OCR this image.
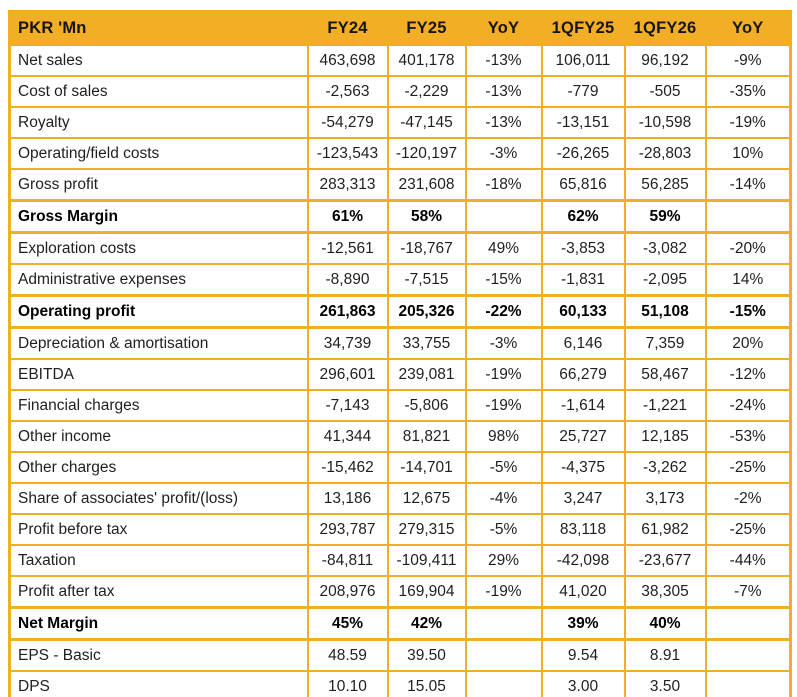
PKR 'Mn	FY24	FY25	YoY	1QFY25	1QFY26	YoY
Net sales	463,698	401,178	-13%	106,011	96,192	-9%
Cost of sales	-2,563	-2,229	-13%	-779	-505	-35%
Royalty	-54,279	-47,145	-13%	-13,151	-10,598	-19%
Operating/field costs	-123,543	-120,197	-3%	-26,265	-28,803	10%
Gross profit	283,313	231,608	-18%	65,816	56,285	-14%
Gross Margin	61%	58%		62%	59%	
Exploration costs	-12,561	-18,767	49%	-3,853	-3,082	-20%
Administrative expenses	-8,890	-7,515	-15%	-1,831	-2,095	14%
Operating profit	261,863	205,326	-22%	60,133	51,108	-15%
Depreciation & amortisation	34,739	33,755	-3%	6,146	7,359	20%
EBITDA	296,601	239,081	-19%	66,279	58,467	-12%
Financial charges	-7,143	-5,806	-19%	-1,614	-1,221	-24%
Other income	41,344	81,821	98%	25,727	12,185	-53%
Other charges	-15,462	-14,701	-5%	-4,375	-3,262	-25%
Share of associates' profit/(loss)	13,186	12,675	-4%	3,247	3,173	-2%
Profit before tax	293,787	279,315	-5%	83,118	61,982	-25%
Taxation	-84,811	-109,411	29%	-42,098	-23,677	-44%
Profit after tax	208,976	169,904	-19%	41,020	38,305	-7%
Net Margin	45%	42%		39%	40%	
EPS - Basic	48.59	39.50		9.54	8.91	
DPS	10.10	15.05		3.00	3.50	
